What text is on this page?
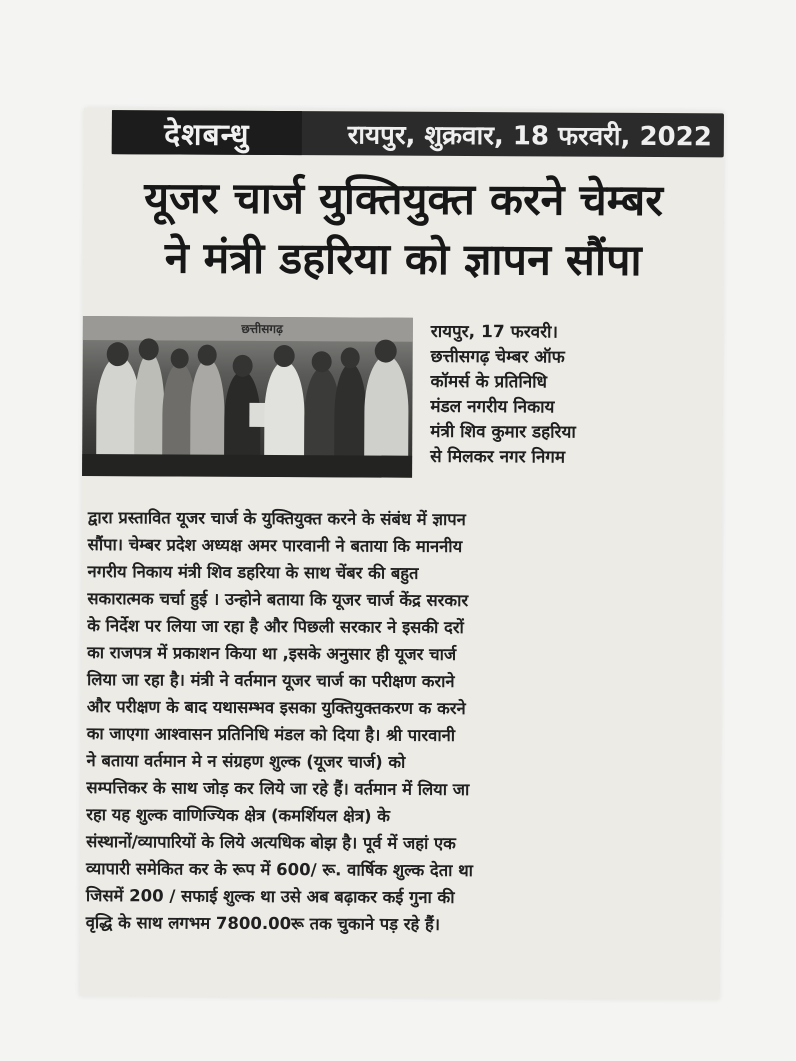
देशबन्धु	रायपुर, शुक्रवार, 18 फरवरी, 2022
यूजर चार्ज युक्तियुक्त करने चेम्बर
ने मंत्री डहरिया को ज्ञापन सौंपा
छत्तीसगढ़	रायपुर, 17 फरवरी।
छत्तीसगढ़ चेम्बर ऑफ
कॉमर्स के प्रतिनिधि
मंडल नगरीय निकाय
मंत्री शिव कुमार डहरिया
से मिलकर नगर निगम
द्वारा प्रस्तावित यूजर चार्ज के युक्तियुक्त करने के संबंध में ज्ञापन
सौंपा। चेम्बर प्रदेश अध्यक्ष अमर पारवानी ने बताया कि माननीय
नगरीय निकाय मंत्री शिव डहरिया के साथ चेंबर की बहुत
सकारात्मक चर्चा हुई । उन्होने बताया कि यूजर चार्ज केंद्र सरकार
के निर्देश पर लिया जा रहा है और पिछली सरकार ने इसकी दरों
का राजपत्र में प्रकाशन किया था ,इसके अनुसार ही यूजर चार्ज
लिया जा रहा है। मंत्री ने वर्तमान यूजर चार्ज का परीक्षण कराने
और परीक्षण के बाद यथासम्भव इसका युक्तियुक्तकरण क करने
का जाएगा आश्वासन प्रतिनिधि मंडल को दिया है। श्री पारवानी
ने बताया वर्तमान मे न संग्रहण शुल्क (यूजर चार्ज) को
सम्पत्तिकर के साथ जोड़ कर लिये जा रहे हैं। वर्तमान में लिया जा
रहा यह शुल्क वाणिज्यिक क्षेत्र (कमर्शियल क्षेत्र) के
संस्थानों/व्यापारियों के लिये अत्यधिक बोझ है। पूर्व में जहां एक
व्यापारी समेकित कर के रूप में 600/ रू. वार्षिक शुल्क देता था
जिसमें 200 / सफाई शुल्क था उसे अब बढ़ाकर कई गुना की
वृद्धि के साथ लगभम 7800.00रू तक चुकाने पड़ रहे हैं।
